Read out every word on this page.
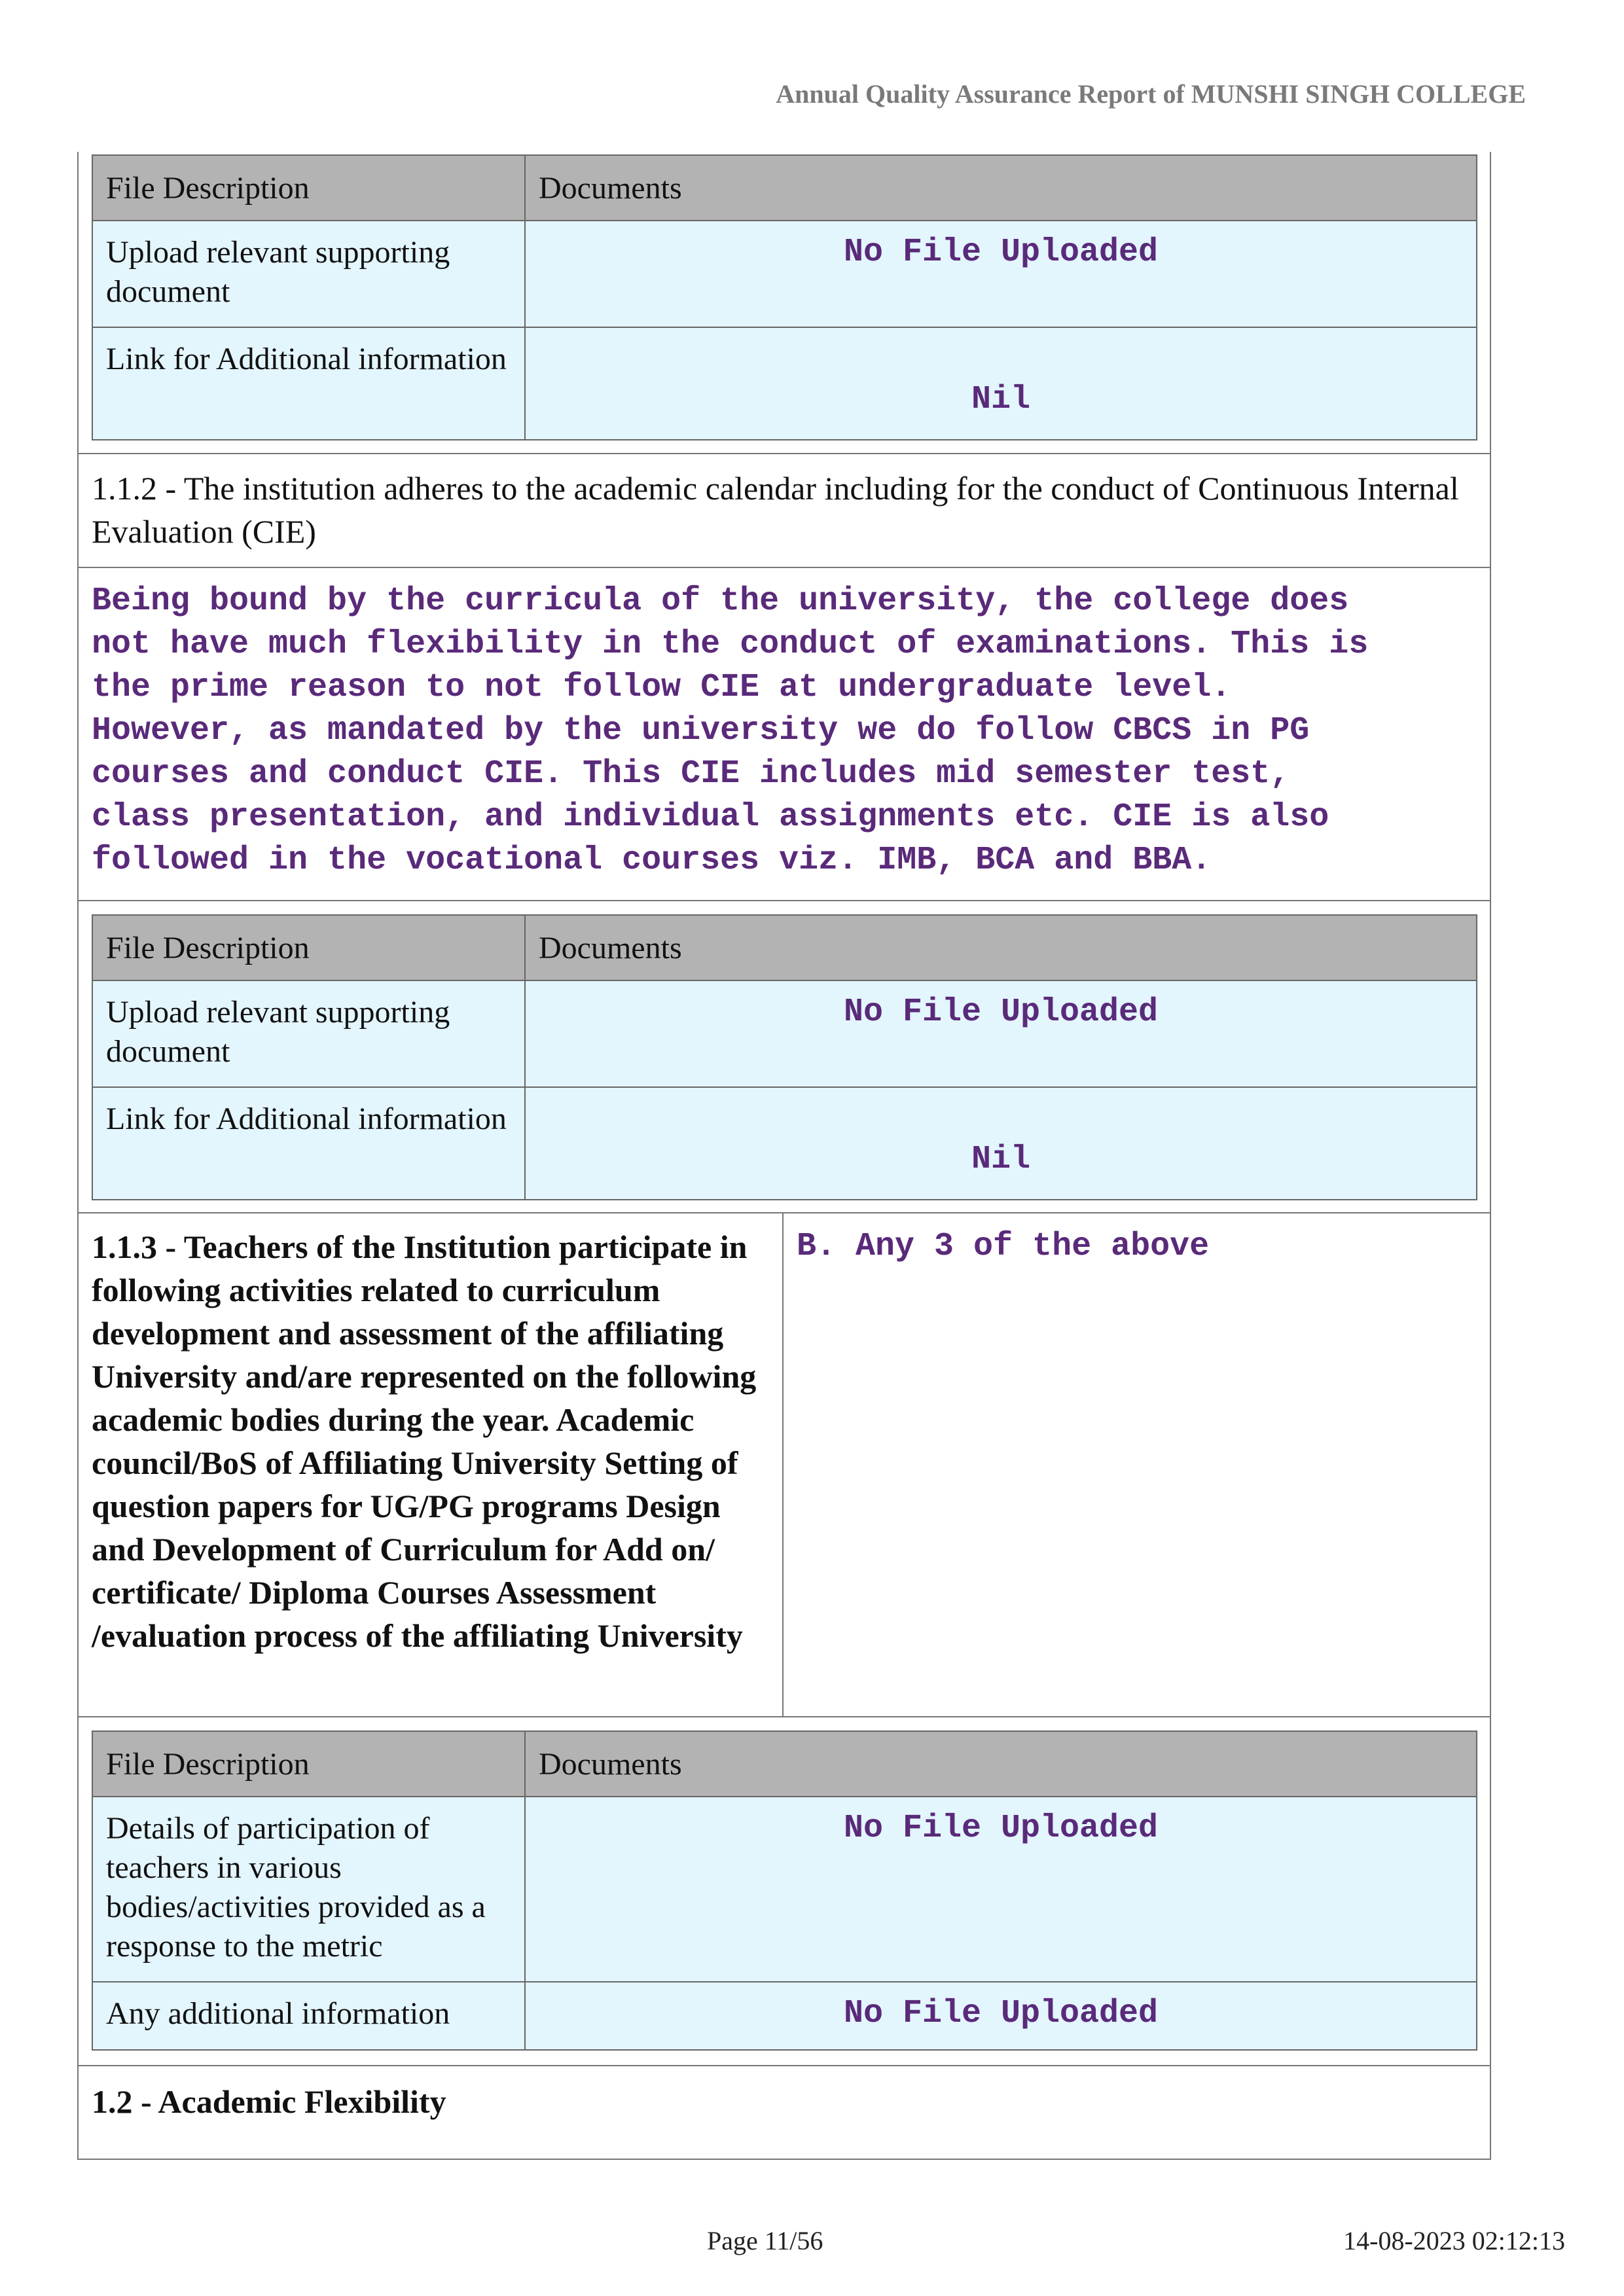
Annual Quality Assurance Report of MUNSHI SINGH COLLEGE
File Description	Documents
Upload relevant supporting document	No File Uploaded
Link for Additional information	Nil
1.1.2 - The institution adheres to the academic calendar including for the conduct of Continuous Internal Evaluation (CIE)
Being bound by the curricula of the university, the college does
not have much flexibility in the conduct of examinations. This is
the prime reason to not follow CIE at undergraduate level.
However, as mandated by the university we do follow CBCS in PG
courses and conduct CIE. This CIE includes mid semester test,
class presentation, and individual assignments etc. CIE is also
followed in the vocational courses viz. IMB, BCA and BBA.
File Description	Documents
Upload relevant supporting document	No File Uploaded
Link for Additional information	Nil
1.1.3 - Teachers of the Institution participate in following activities related to curriculum development and assessment of the affiliating University and/are represented on the following academic bodies during the year. Academic council/BoS of Affiliating University Setting of question papers for UG/PG programs Design and Development of Curriculum for Add on/ certificate/ Diploma Courses Assessment /evaluation process of the affiliating University
B. Any 3 of the above
File Description	Documents
Details of participation of teachers in various bodies/activities provided as a response to the metric	No File Uploaded
Any additional information	No File Uploaded
1.2 - Academic Flexibility
Page 11/56	14-08-2023 02:12:13
